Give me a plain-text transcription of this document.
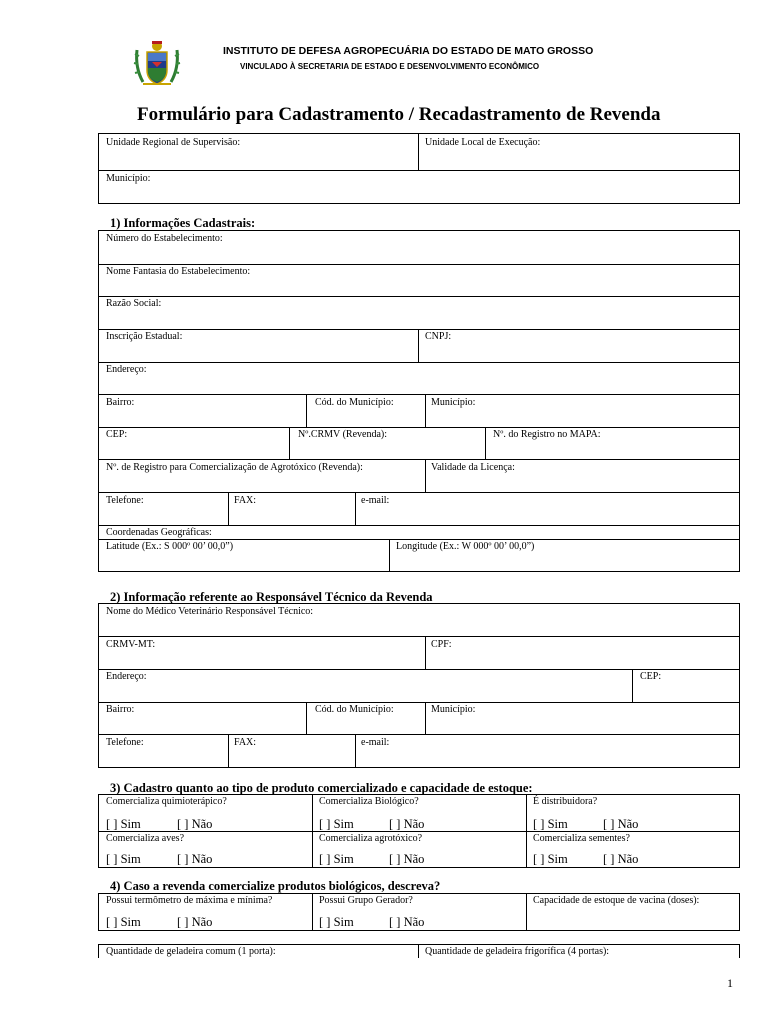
INSTITUTO DE DEFESA AGROPECUÁRIA DO ESTADO DE MATO GROSSO
VINCULADO À SECRETARIA DE ESTADO E DESENVOLVIMENTO ECONÔMICO
Formulário para Cadastramento / Recadastramento de Revenda
Unidade Regional de Supervisão:	Unidade Local de Execução:
Município:
1) Informações Cadastrais:
Número do Estabelecimento:
Nome Fantasia do Estabelecimento:
Razão Social:
Inscrição Estadual:	CNPJ:
Endereço:
Bairro:	Cód. do Município:	Município:
CEP:	Nº.CRMV (Revenda):	Nº. do Registro no MAPA:
Nº. de Registro para Comercialização de Agrotóxico (Revenda):	Validade da Licença:
Telefone:	FAX:	e-mail:
Coordenadas Geográficas:
Latitude (Ex.: S 000º 00’ 00,0”)	Longitude (Ex.: W 000º 00’ 00,0”)
2) Informação referente ao Responsável Técnico da Revenda
Nome do Médico Veterinário Responsável Técnico:
CRMV-MT:	CPF:
Endereço:	CEP:
Bairro:	Cód. do Município:	Município:
Telefone:	FAX:	e-mail:
3) Cadastro quanto ao tipo de produto comercializado e capacidade de estoque:
Comercializa quimioterápico?	Comercializa Biológico?	É distribuidora?
[ ] Sim	[ ] Não	[ ] Sim	[ ] Não	[ ] Sim	[ ] Não
Comercializa aves?	Comercializa agrotóxico?	Comercializa sementes?
[ ] Sim	[ ] Não	[ ] Sim	[ ] Não	[ ] Sim	[ ] Não
4) Caso a revenda comercialize produtos biológicos, descreva?
Possui termômetro de máxima e mínima?	Possui Grupo Gerador?	Capacidade de estoque de vacina (doses):
[ ] Sim	[ ] Não	[ ] Sim	[ ] Não
Quantidade de geladeira comum (1 porta):	Quantidade de geladeira frigorífica (4 portas):
1
